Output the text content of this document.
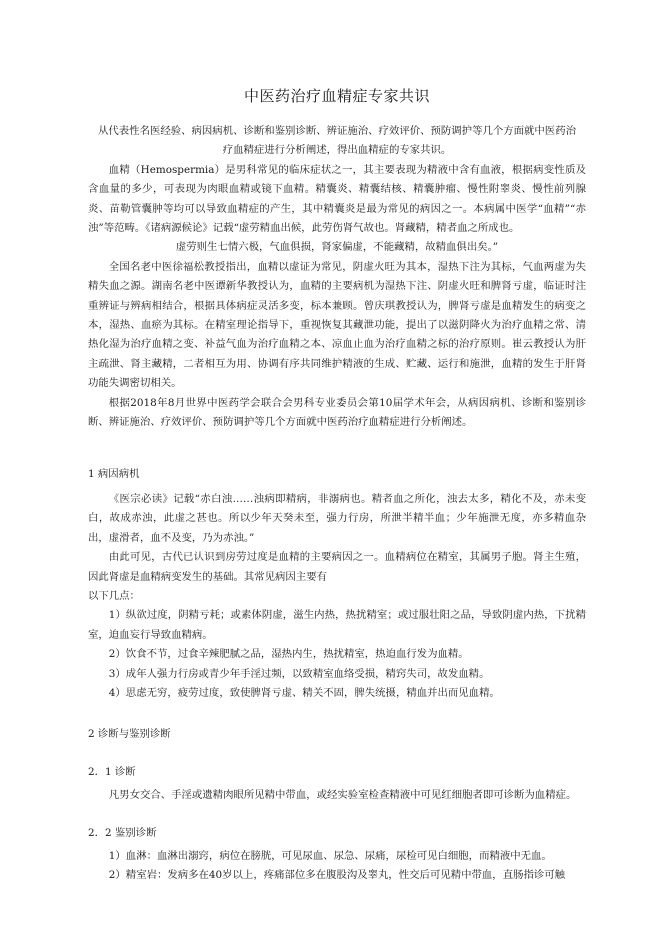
中医药治疗血精症专家共识

从代表性名医经验、病因病机、诊断和鉴别诊断、辨证施治、疗效评价、预防调护等几个方面就中医药治疗血精症进行分析阐述，得出血精症的专家共识。

血精（Hemospermia）是男科常见的临床症状之一，其主要表现为精液中含有血液，根据病变性质及含血量的多少，可表现为肉眼血精或镜下血精。精囊炎、精囊结核、精囊肿瘤、慢性附睾炎、慢性前列腺炎、苗勒管囊肿等均可以导致血精症的产生，其中精囊炎是最为常见的病因之一。本病属中医学“血精”“赤浊”等范畴。《诸病源候论》记载“虚劳精血出候，此劳伤肾气故也。肾藏精，精者血之所成也。

虚劳则生七情六极，气血俱损，肾家偏虚，不能藏精，故精血俱出矣。”

全国名老中医徐福松教授指出，血精以虚证为常见，阴虚火旺为其本，湿热下注为其标，气血两虚为失精失血之源。湖南名老中医谭新华教授认为，血精的主要病机为湿热下注、阴虚火旺和脾肾亏虚，临证时注重辨证与辨病相结合，根据具体病症灵活多变，标本兼顾。曾庆琪教授认为，脾肾亏虚是血精发生的病变之本，湿热、血瘀为其标。在精室理论指导下，重视恢复其藏泄功能，提出了以滋阴降火为治疗血精之常、清热化湿为治疗血精之变、补益气血为治疗血精之本、凉血止血为治疗血精之标的治疗原则。崔云教授认为肝主疏泄、肾主藏精，二者相互为用、协调有序共同维护精液的生成、贮藏、运行和施泄，血精的发生于肝肾功能失调密切相关。

根据2018年8月世界中医药学会联合会男科专业委员会第10届学术年会，从病因病机、诊断和鉴别诊断、辨证施治、疗效评价、预防调护等几个方面就中医药治疗血精症进行分析阐述。

1 病因病机

《医宗必读》记载“赤白浊……浊病即精病，非溺病也。精者血之所化，浊去太多，精化不及，赤未变白，故成赤浊，此虚之甚也。所以少年天癸未至，强力行房，所泄半精半血；少年施泄无度，亦多精血杂出，虚滑者，血不及变，乃为赤浊。”

由此可见，古代已认识到房劳过度是血精的主要病因之一。血精病位在精室，其属男子胞。肾主生殖，因此肾虚是血精病变发生的基础。其常见病因主要有

以下几点：

1）纵欲过度，阴精亏耗；或素体阴虚，滋生内热，热扰精室；或过服壮阳之品，导致阴虚内热，下扰精室，迫血妄行导致血精病。

2）饮食不节，过食辛辣肥腻之品，湿热内生，热扰精室，热迫血行发为血精。

3）成年人强力行房或青少年手淫过频，以致精室血络受损，精窍失司，故发血精。

4）思虑无穷，疲劳过度，致使脾肾亏虚、精关不固，脾失统摄，精血并出而见血精。

2 诊断与鉴别诊断
2．1 诊断

凡男女交合、手淫或遗精肉眼所见精中带血，或经实验室检查精液中可见红细胞者即可诊断为血精症。

2．2 鉴别诊断

1）血淋：血淋出溺窍，病位在膀胱，可见尿血、尿急、尿痛，尿检可见白细胞，而精液中无血。

2）精室岩：发病多在40岁以上，疼痛部位多在腹股沟及睾丸，性交后可见精中带血，直肠指诊可触
